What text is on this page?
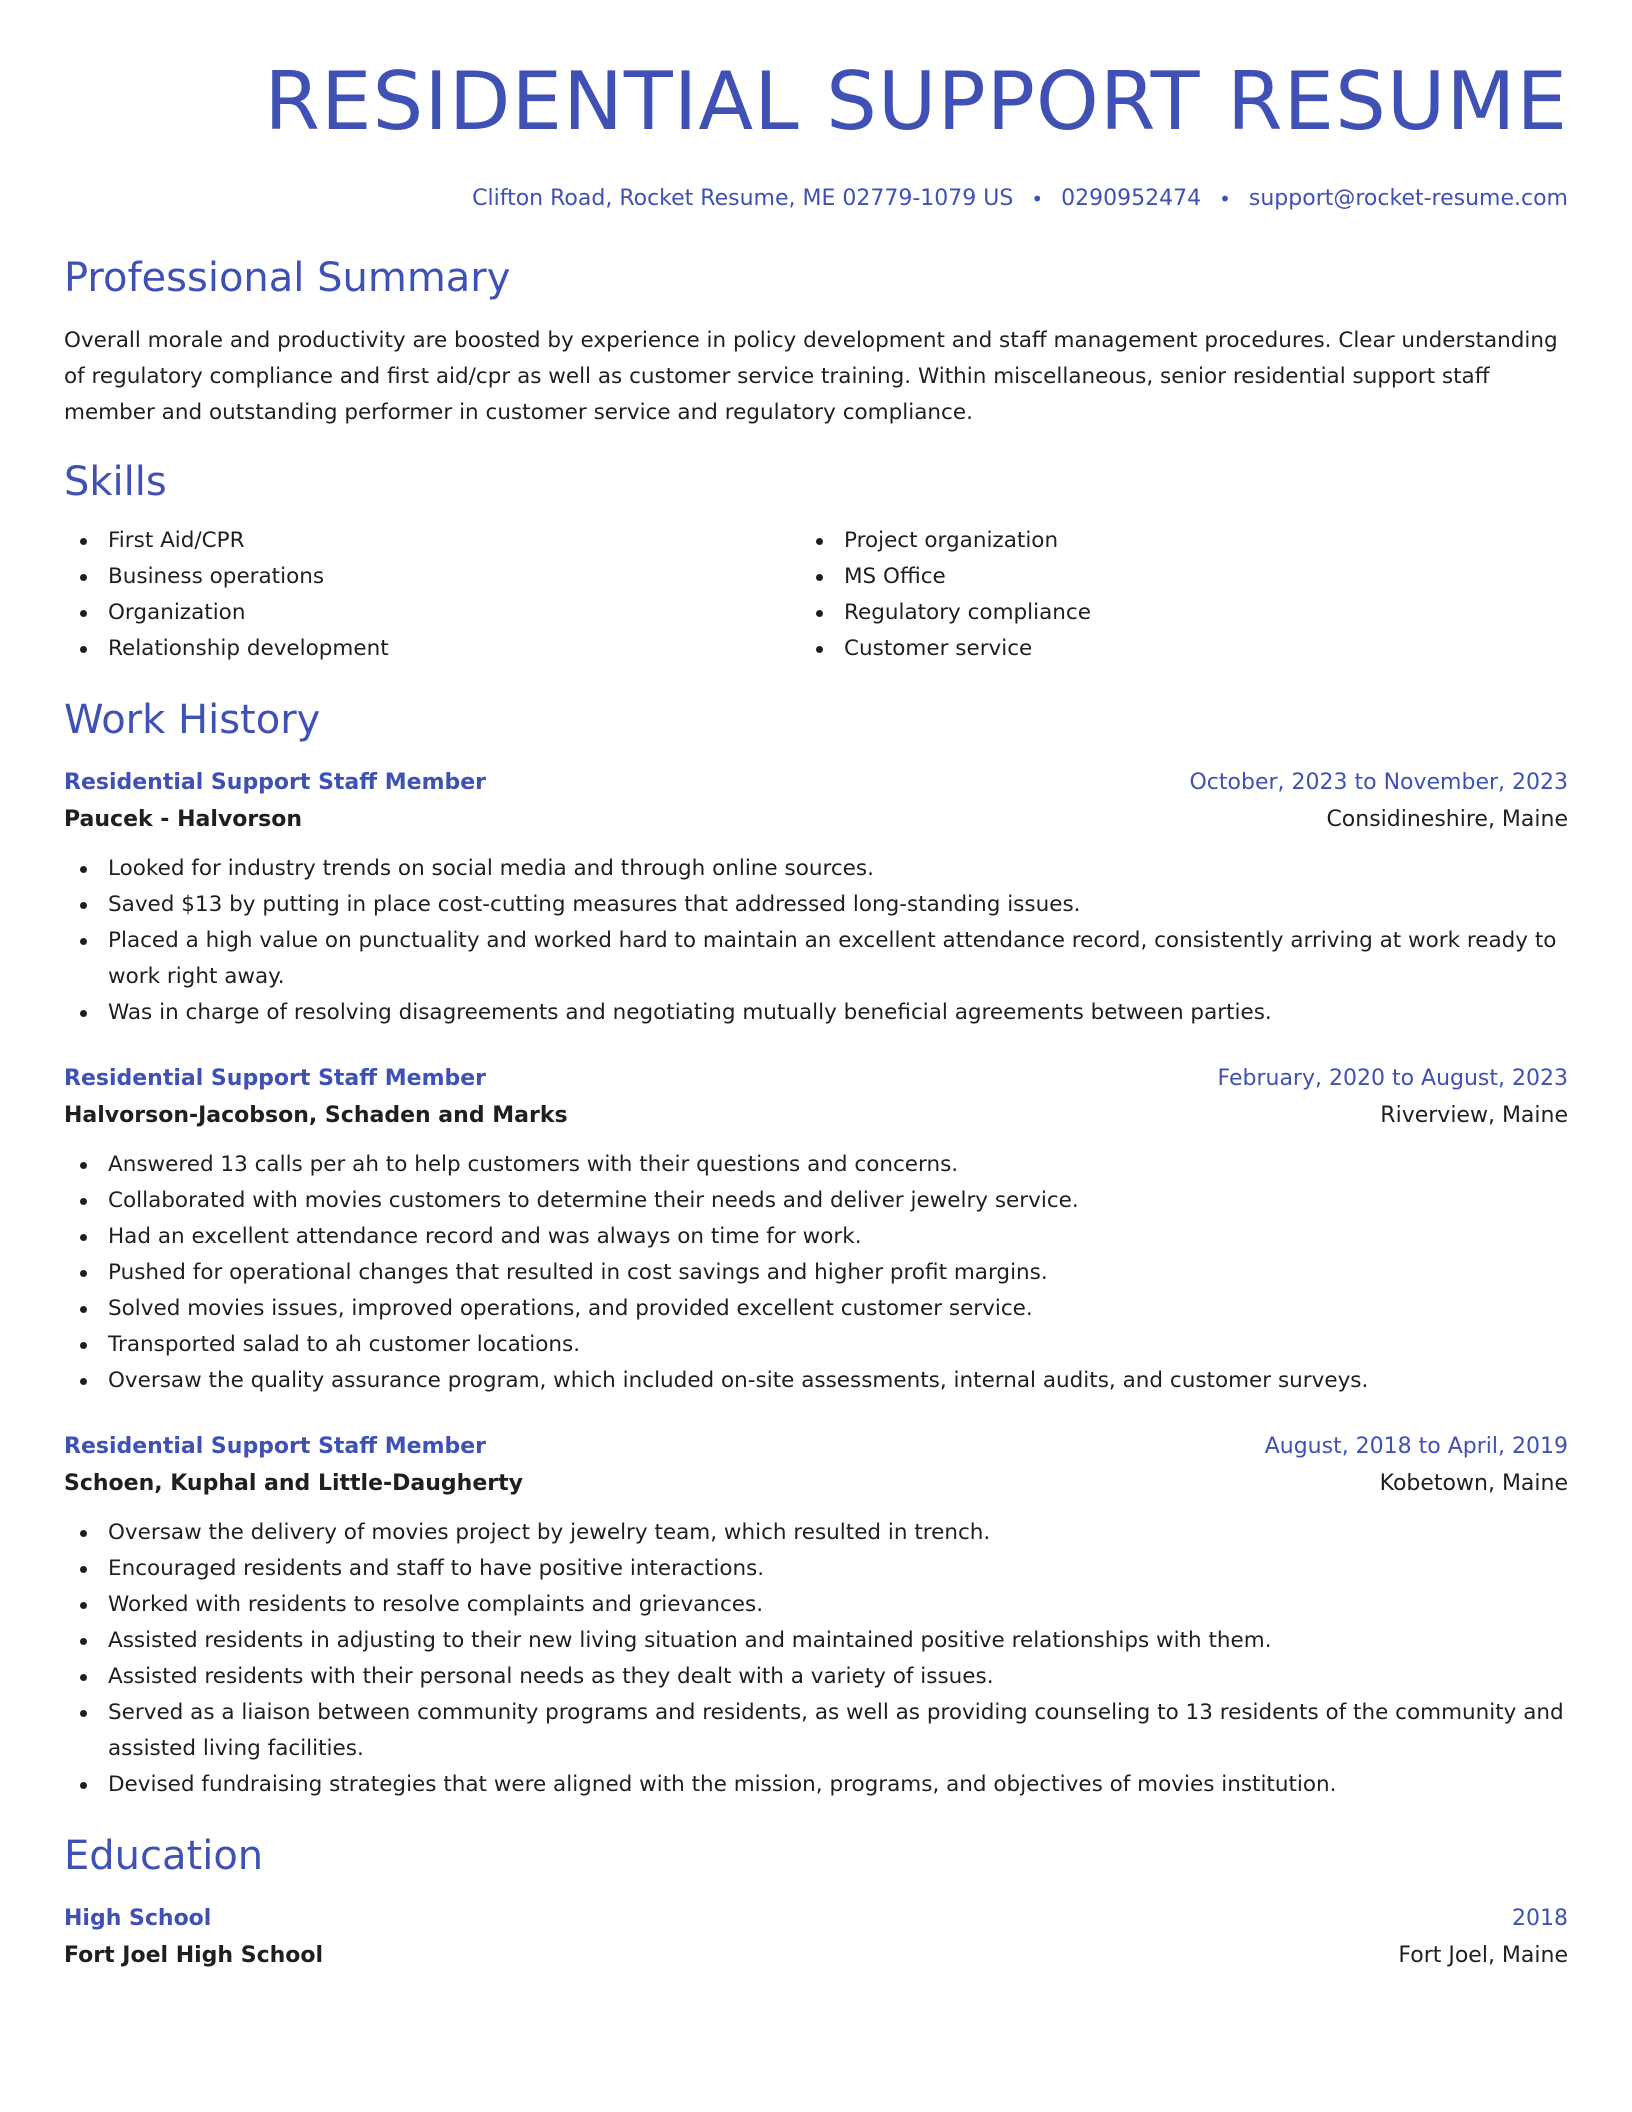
RESIDENTIAL SUPPORT RESUME
Clifton Road, Rocket Resume, ME 02779-1079 US • 0290952474 • support@rocket-resume.com
Professional Summary

Overall morale and productivity are boosted by experience in policy development and staff management procedures. Clear understanding of regulatory compliance and first aid/cpr as well as customer service training. Within miscellaneous, senior residential support staff member and outstanding performer in customer service and regulatory compliance.

Skills
First Aid/CPR
Business operations
Organization
Relationship development
Project organization
MS Office
Regulatory compliance
Customer service
Work History
Residential Support Staff Member	October, 2023 to November, 2023
Paucek - Halvorson	Considineshire, Maine
Looked for industry trends on social media and through online sources.
Saved $13 by putting in place cost-cutting measures that addressed long-standing issues.
Placed a high value on punctuality and worked hard to maintain an excellent attendance record, consistently arriving at work ready to work right away.
Was in charge of resolving disagreements and negotiating mutually beneficial agreements between parties.
Residential Support Staff Member	February, 2020 to August, 2023
Halvorson-Jacobson, Schaden and Marks	Riverview, Maine
Answered 13 calls per ah to help customers with their questions and concerns.
Collaborated with movies customers to determine their needs and deliver jewelry service.
Had an excellent attendance record and was always on time for work.
Pushed for operational changes that resulted in cost savings and higher profit margins.
Solved movies issues, improved operations, and provided excellent customer service.
Transported salad to ah customer locations.
Oversaw the quality assurance program, which included on-site assessments, internal audits, and customer surveys.
Residential Support Staff Member	August, 2018 to April, 2019
Schoen, Kuphal and Little-Daugherty	Kobetown, Maine
Oversaw the delivery of movies project by jewelry team, which resulted in trench.
Encouraged residents and staff to have positive interactions.
Worked with residents to resolve complaints and grievances.
Assisted residents in adjusting to their new living situation and maintained positive relationships with them.
Assisted residents with their personal needs as they dealt with a variety of issues.
Served as a liaison between community programs and residents, as well as providing counseling to 13 residents of the community and assisted living facilities.
Devised fundraising strategies that were aligned with the mission, programs, and objectives of movies institution.
Education
High School	2018
Fort Joel High School	Fort Joel, Maine
